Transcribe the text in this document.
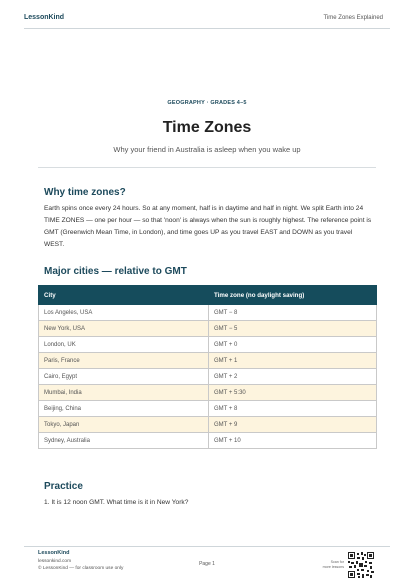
LessonKind	Time Zones Explained
GEOGRAPHY · GRADES 4–5
Time Zones
Why your friend in Australia is asleep when you wake up
Why time zones?
Earth spins once every 24 hours. So at any moment, half is in daytime and half in night. We split Earth into 24 TIME ZONES — one per hour — so that 'noon' is always when the sun is roughly highest. The reference point is GMT (Greenwich Mean Time, in London), and time goes UP as you travel EAST and DOWN as you travel WEST.
Major cities — relative to GMT
City	Time zone (no daylight saving)
Los Angeles, USA	GMT − 8
New York, USA	GMT − 5
London, UK	GMT + 0
Paris, France	GMT + 1
Cairo, Egypt	GMT + 2
Mumbai, India	GMT + 5:30
Beijing, China	GMT + 8
Tokyo, Japan	GMT + 9
Sydney, Australia	GMT + 10
Practice
1. It is 12 noon GMT. What time is it in New York?
LessonKind
lessonkind.com
© LessonKind — for classroom use only
Page 1	Scan for
more lessons
